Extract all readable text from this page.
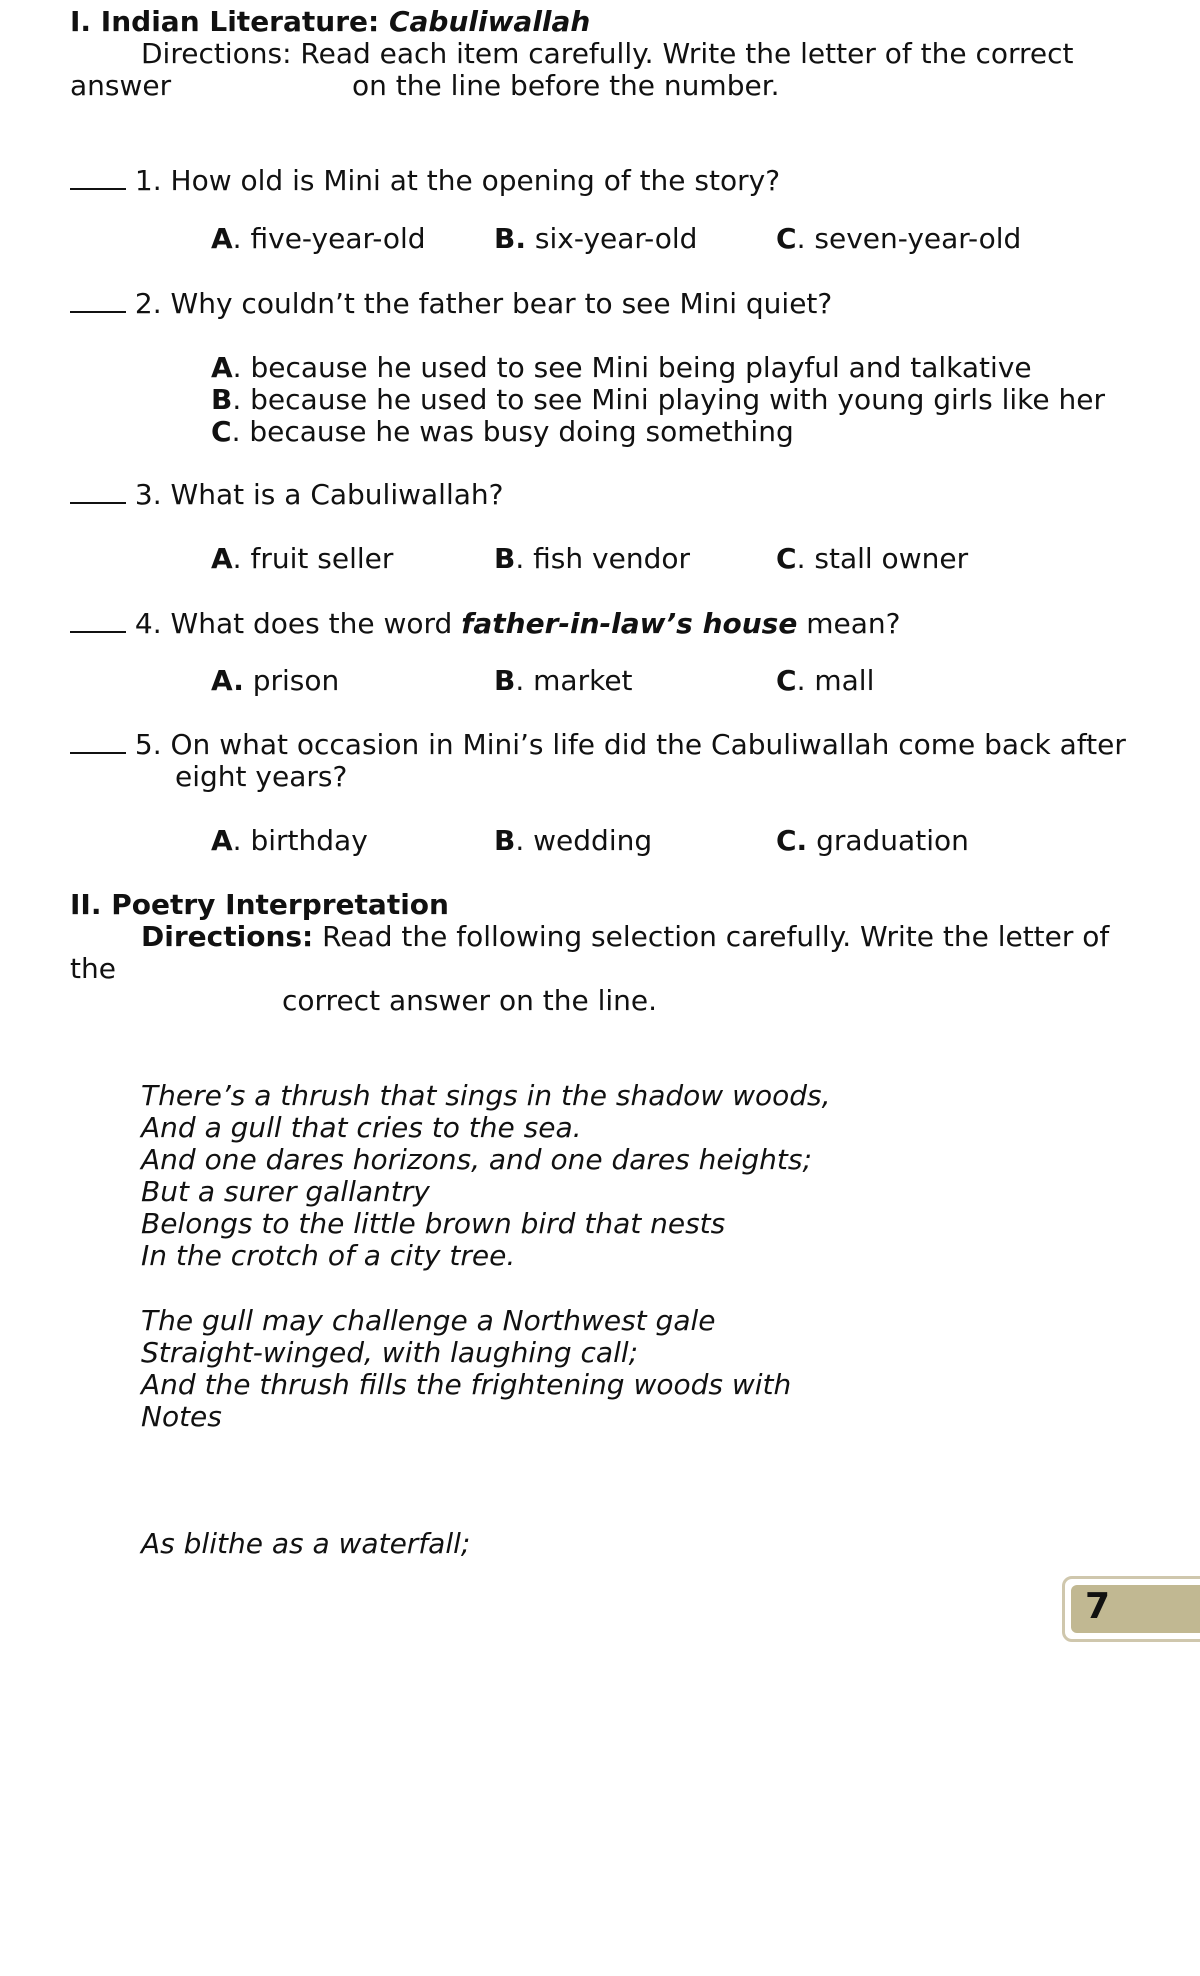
I. Indian Literature: Cabuliwallah
Directions: Read each item carefully. Write the letter of the correct
answer	on the line before the number.
1. How old is Mini at the opening of the story?
A. five-year-old B. six-year-old	C. seven-year-old
2. Why couldn’t the father bear to see Mini quiet?
A. because he used to see Mini being playful and talkative
B. because he used to see Mini playing with young girls like her
C. because he was busy doing something
3. What is a Cabuliwallah?
A. fruit seller	B. fish vendor	C. stall owner
4. What does the word father-in-law’s house mean?
A. prison	B. market	C. mall
5. On what occasion in Mini’s life did the Cabuliwallah come back after
eight years?
A. birthday	B. wedding	C. graduation
II. Poetry Interpretation
Directions: Read the following selection carefully. Write the letter of
the
correct answer on the line.
There’s a thrush that sings in the shadow woods,
And a gull that cries to the sea.
And one dares horizons, and one dares heights;
But a surer gallantry
Belongs to the little brown bird that nests
In the crotch of a city tree.
The gull may challenge a Northwest gale
Straight-winged, with laughing call;
And the thrush fills the frightening woods with
Notes
As blithe as a waterfall;
7
